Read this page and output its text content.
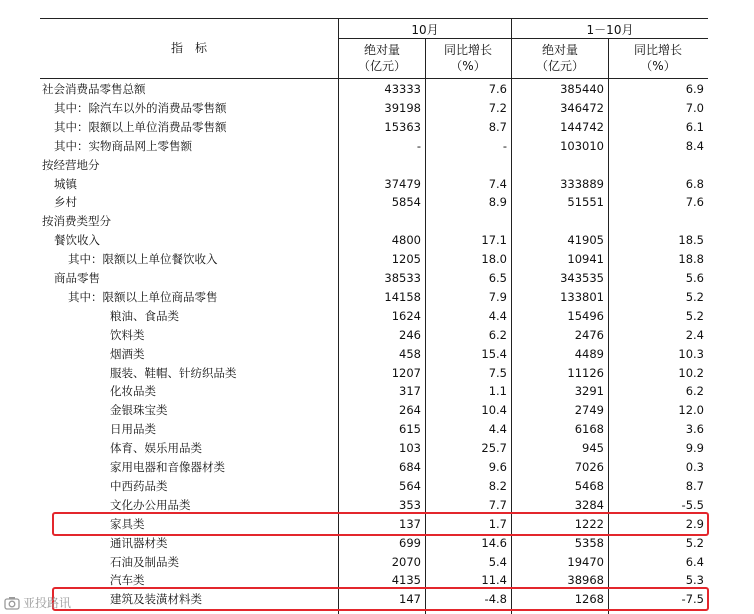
指　标
10月	1－10月
绝对量
（亿元）
同比增长
（%）
绝对量
（亿元）
同比增长
（%）
社会消费品零售总额	43333	7.6	385440	6.9
其中：除汽车以外的消费品零售额	39198	7.2	346472	7.0
其中：限额以上单位消费品零售额	15363	8.7	144742	6.1
其中：实物商品网上零售额	-	-	103010	8.4
按经营地分
城镇	37479	7.4	333889	6.8
乡村	5854	8.9	51551	7.6
按消费类型分
餐饮收入	4800	17.1	41905	18.5
其中：限额以上单位餐饮收入	1205	18.0	10941	18.8
商品零售	38533	6.5	343535	5.6
其中：限额以上单位商品零售	14158	7.9	133801	5.2
粮油、食品类	1624	4.4	15496	5.2
饮料类	246	6.2	2476	2.4
烟酒类	458	15.4	4489	10.3
服装、鞋帽、针纺织品类	1207	7.5	11126	10.2
化妆品类	317	1.1	3291	6.2
金银珠宝类	264	10.4	2749	12.0
日用品类	615	4.4	6168	3.6
体育、娱乐用品类	103	25.7	945	9.9
家用电器和音像器材类	684	9.6	7026	0.3
中西药品类	564	8.2	5468	8.7
文化办公用品类	353	7.7	3284	-5.5
家具类	137	1.7	1222	2.9
通讯器材类	699	14.6	5358	5.2
石油及制品类	2070	5.4	19470	6.4
汽车类	4135	11.4	38968	5.3
建筑及装潢材料类	147	-4.8	1268	-7.5
亚投路讯
